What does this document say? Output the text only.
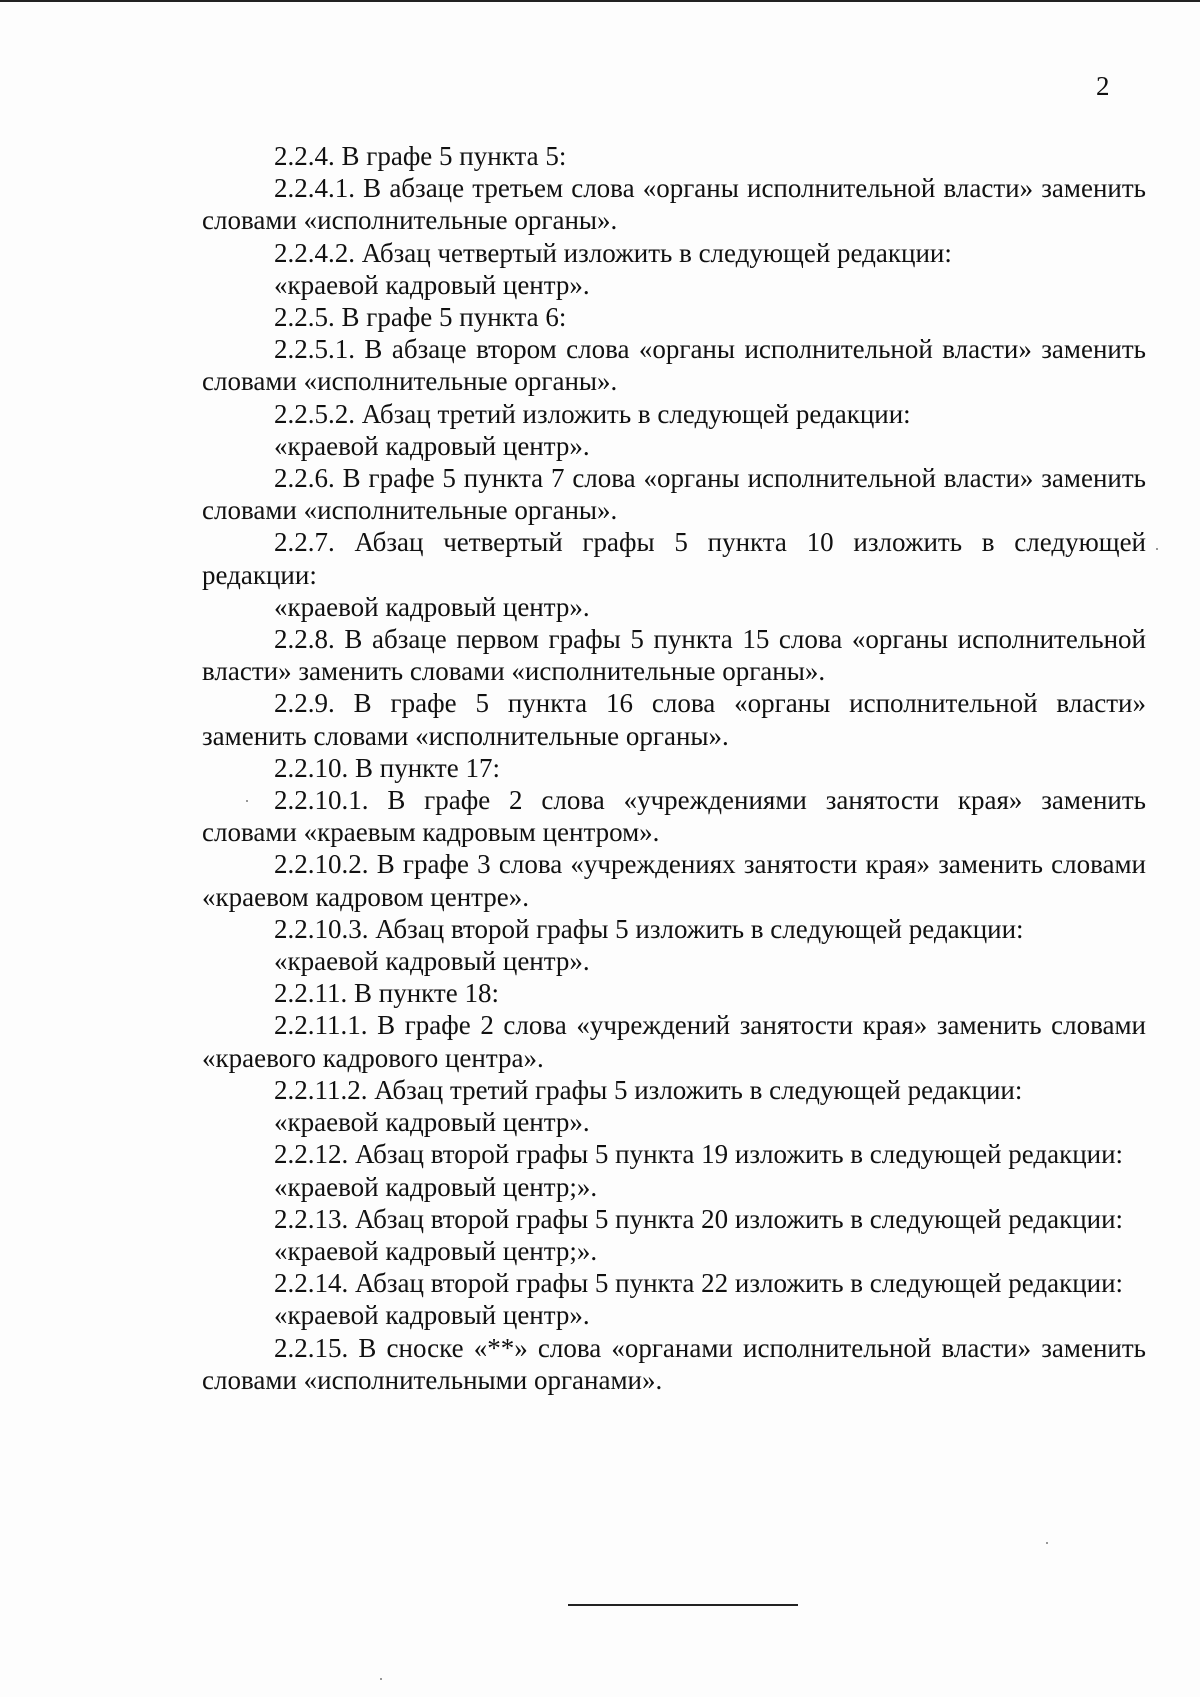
2

2.2.4. В графе 5 пункта 5:

2.2.4.1. В абзаце третьем слова «органы исполнительной власти» заменить словами «исполнительные органы».

2.2.4.2. Абзац четвертый изложить в следующей редакции:

«краевой кадровый центр».

2.2.5. В графе 5 пункта 6:

2.2.5.1. В абзаце втором слова «органы исполнительной власти» заменить словами «исполнительные органы».

2.2.5.2. Абзац третий изложить в следующей редакции:

«краевой кадровый центр».

2.2.6. В графе 5 пункта 7 слова «органы исполнительной власти» заменить словами «исполнительные органы».

2.2.7. Абзац четвертый графы 5 пункта 10 изложить в следующей редакции:

«краевой кадровый центр».

2.2.8. В абзаце первом графы 5 пункта 15 слова «органы исполнительной власти» заменить словами «исполнительные органы».

2.2.9. В графе 5 пункта 16 слова «органы исполнительной власти» заменить словами «исполнительные органы».

2.2.10. В пункте 17:

2.2.10.1. В графе 2 слова «учреждениями занятости края» заменить словами «краевым кадровым центром».

2.2.10.2. В графе 3 слова «учреждениях занятости края» заменить словами «краевом кадровом центре».

2.2.10.3. Абзац второй графы 5 изложить в следующей редакции:

«краевой кадровый центр».

2.2.11. В пункте 18:

2.2.11.1. В графе 2 слова «учреждений занятости края» заменить словами «краевого кадрового центра».

2.2.11.2. Абзац третий графы 5 изложить в следующей редакции:

«краевой кадровый центр».

2.2.12. Абзац второй графы 5 пункта 19 изложить в следующей редакции:

«краевой кадровый центр;».

2.2.13. Абзац второй графы 5 пункта 20 изложить в следующей редакции:

«краевой кадровый центр;».

2.2.14. Абзац второй графы 5 пункта 22 изложить в следующей редакции:

«краевой кадровый центр».

2.2.15. В сноске «**» слова «органами исполнительной власти» заменить словами «исполнительными органами».
